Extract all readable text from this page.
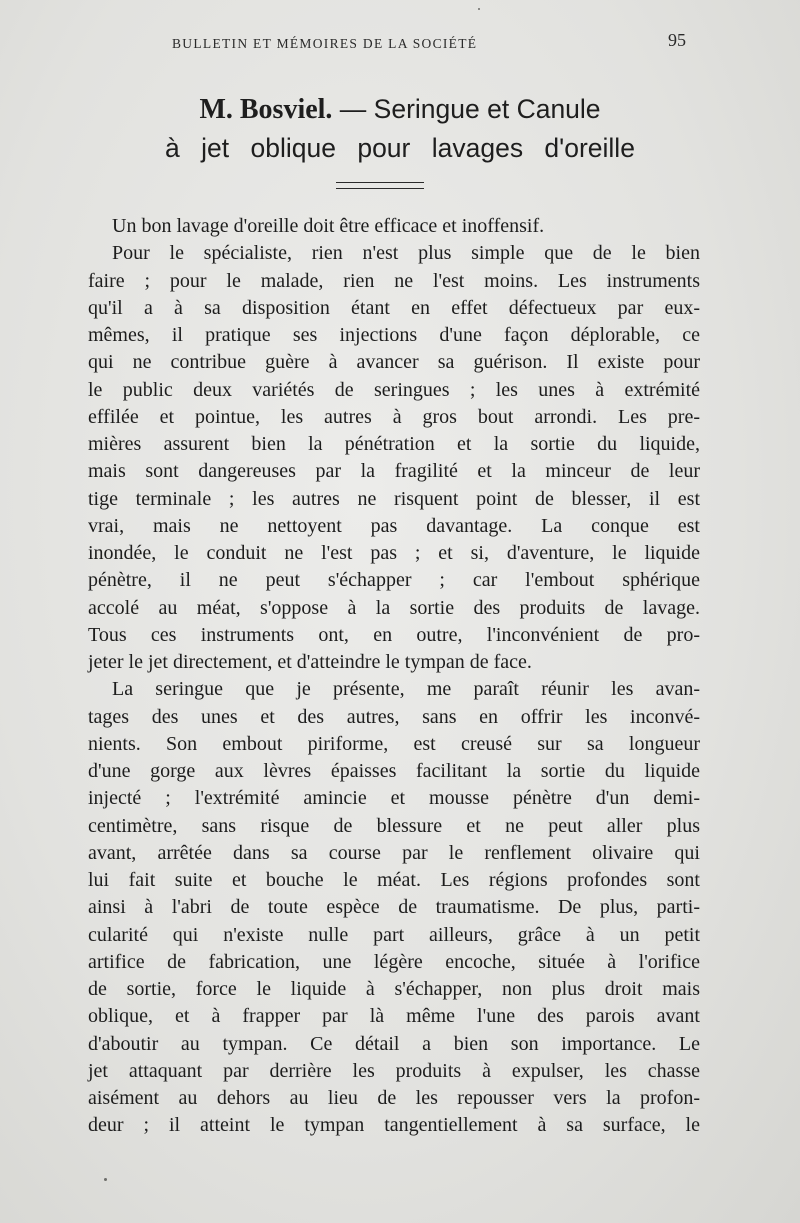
BULLETIN ET MÉMOIRES DE LA SOCIÉTÉ	95
M. Bosviel. — Seringue et Canule
à jet oblique pour lavages d'oreille
Un bon lavage d'oreille doit être efficace et inoffensif.
Pour le spécialiste, rien n'est plus simple que de le bien
faire ; pour le malade, rien ne l'est moins. Les instruments
qu'il a à sa disposition étant en effet défectueux par eux-
mêmes, il pratique ses injections d'une façon déplorable, ce
qui ne contribue guère à avancer sa guérison. Il existe pour
le public deux variétés de seringues ; les unes à extrémité
effilée et pointue, les autres à gros bout arrondi. Les pre-
mières assurent bien la pénétration et la sortie du liquide,
mais sont dangereuses par la fragilité et la minceur de leur
tige terminale ; les autres ne risquent point de blesser, il est
vrai, mais ne nettoyent pas davantage. La conque est
inondée, le conduit ne l'est pas ; et si, d'aventure, le liquide
pénètre, il ne peut s'échapper ; car l'embout sphérique
accolé au méat, s'oppose à la sortie des produits de lavage.
Tous ces instruments ont, en outre, l'inconvénient de pro-
jeter le jet directement, et d'atteindre le tympan de face.
La seringue que je présente, me paraît réunir les avan-
tages des unes et des autres, sans en offrir les inconvé-
nients. Son embout piriforme, est creusé sur sa longueur
d'une gorge aux lèvres épaisses facilitant la sortie du liquide
injecté ; l'extrémité amincie et mousse pénètre d'un demi-
centimètre, sans risque de blessure et ne peut aller plus
avant, arrêtée dans sa course par le renflement olivaire qui
lui fait suite et bouche le méat. Les régions profondes sont
ainsi à l'abri de toute espèce de traumatisme. De plus, parti-
cularité qui n'existe nulle part ailleurs, grâce à un petit
artifice de fabrication, une légère encoche, située à l'orifice
de sortie, force le liquide à s'échapper, non plus droit mais
oblique, et à frapper par là même l'une des parois avant
d'aboutir au tympan. Ce détail a bien son importance. Le
jet attaquant par derrière les produits à expulser, les chasse
aisément au dehors au lieu de les repousser vers la profon-
deur ; il atteint le tympan tangentiellement à sa surface, le
